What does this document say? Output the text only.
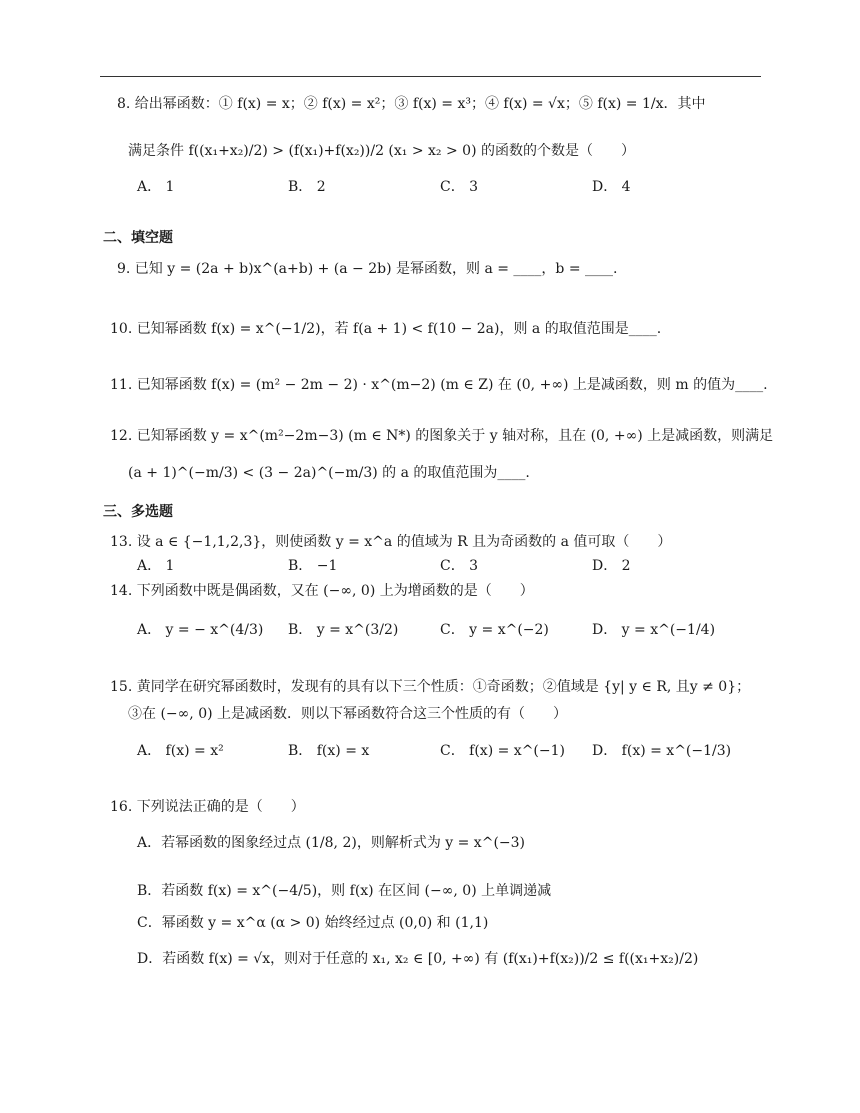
8. 给出幂函数：① f(x) = x；② f(x) = x²；③ f(x) = x³；④ f(x) = √x；⑤ f(x) = 1/x．其中
满足条件 f((x₁+x₂)/2) > (f(x₁)+f(x₂))/2 (x₁ > x₂ > 0) 的函数的个数是（　　）
A． 1	B． 2	C． 3	D． 4
二、填空题
9. 已知 y = (2a + b)x^(a+b) + (a − 2b) 是幂函数，则 a = ____，b = ____.
10. 已知幂函数 f(x) = x^(−1/2)，若 f(a + 1) < f(10 − 2a)，则 a 的取值范围是____.
11. 已知幂函数 f(x) = (m² − 2m − 2) · x^(m−2) (m ∈ Z) 在 (0, +∞) 上是减函数，则 m 的值为____.
12. 已知幂函数 y = x^(m²−2m−3) (m ∈ N*) 的图象关于 y 轴对称，且在 (0, +∞) 上是减函数，则满足
(a + 1)^(−m/3) < (3 − 2a)^(−m/3) 的 a 的取值范围为____.
三、多选题
13. 设 a ∈ {−1,1,2,3}，则使函数 y = x^a 的值域为 R 且为奇函数的 a 值可取（　　）
A． 1	B． −1	C． 3	D． 2
14. 下列函数中既是偶函数，又在 (−∞, 0) 上为增函数的是（　　）
A． y = − x^(4/3) B． y = x^(3/2)	C． y = x^(−2)	D． y = x^(−1/4)
15. 黄同学在研究幂函数时，发现有的具有以下三个性质：①奇函数；②值域是 {y| y ∈ R, 且y ≠ 0}；
③在 (−∞, 0) 上是减函数．则以下幂函数符合这三个性质的有（　　）
A． f(x) = x²	B． f(x) = x	C． f(x) = x^(−1) D． f(x) = x^(−1/3)
16. 下列说法正确的是（　　）
A．若幂函数的图象经过点 (1/8, 2)，则解析式为 y = x^(−3)
B．若函数 f(x) = x^(−4/5)，则 f(x) 在区间 (−∞, 0) 上单调递减
C．幂函数 y = x^α (α > 0) 始终经过点 (0,0) 和 (1,1)
D．若函数 f(x) = √x，则对于任意的 x₁, x₂ ∈ [0, +∞) 有 (f(x₁)+f(x₂))/2 ≤ f((x₁+x₂)/2)
